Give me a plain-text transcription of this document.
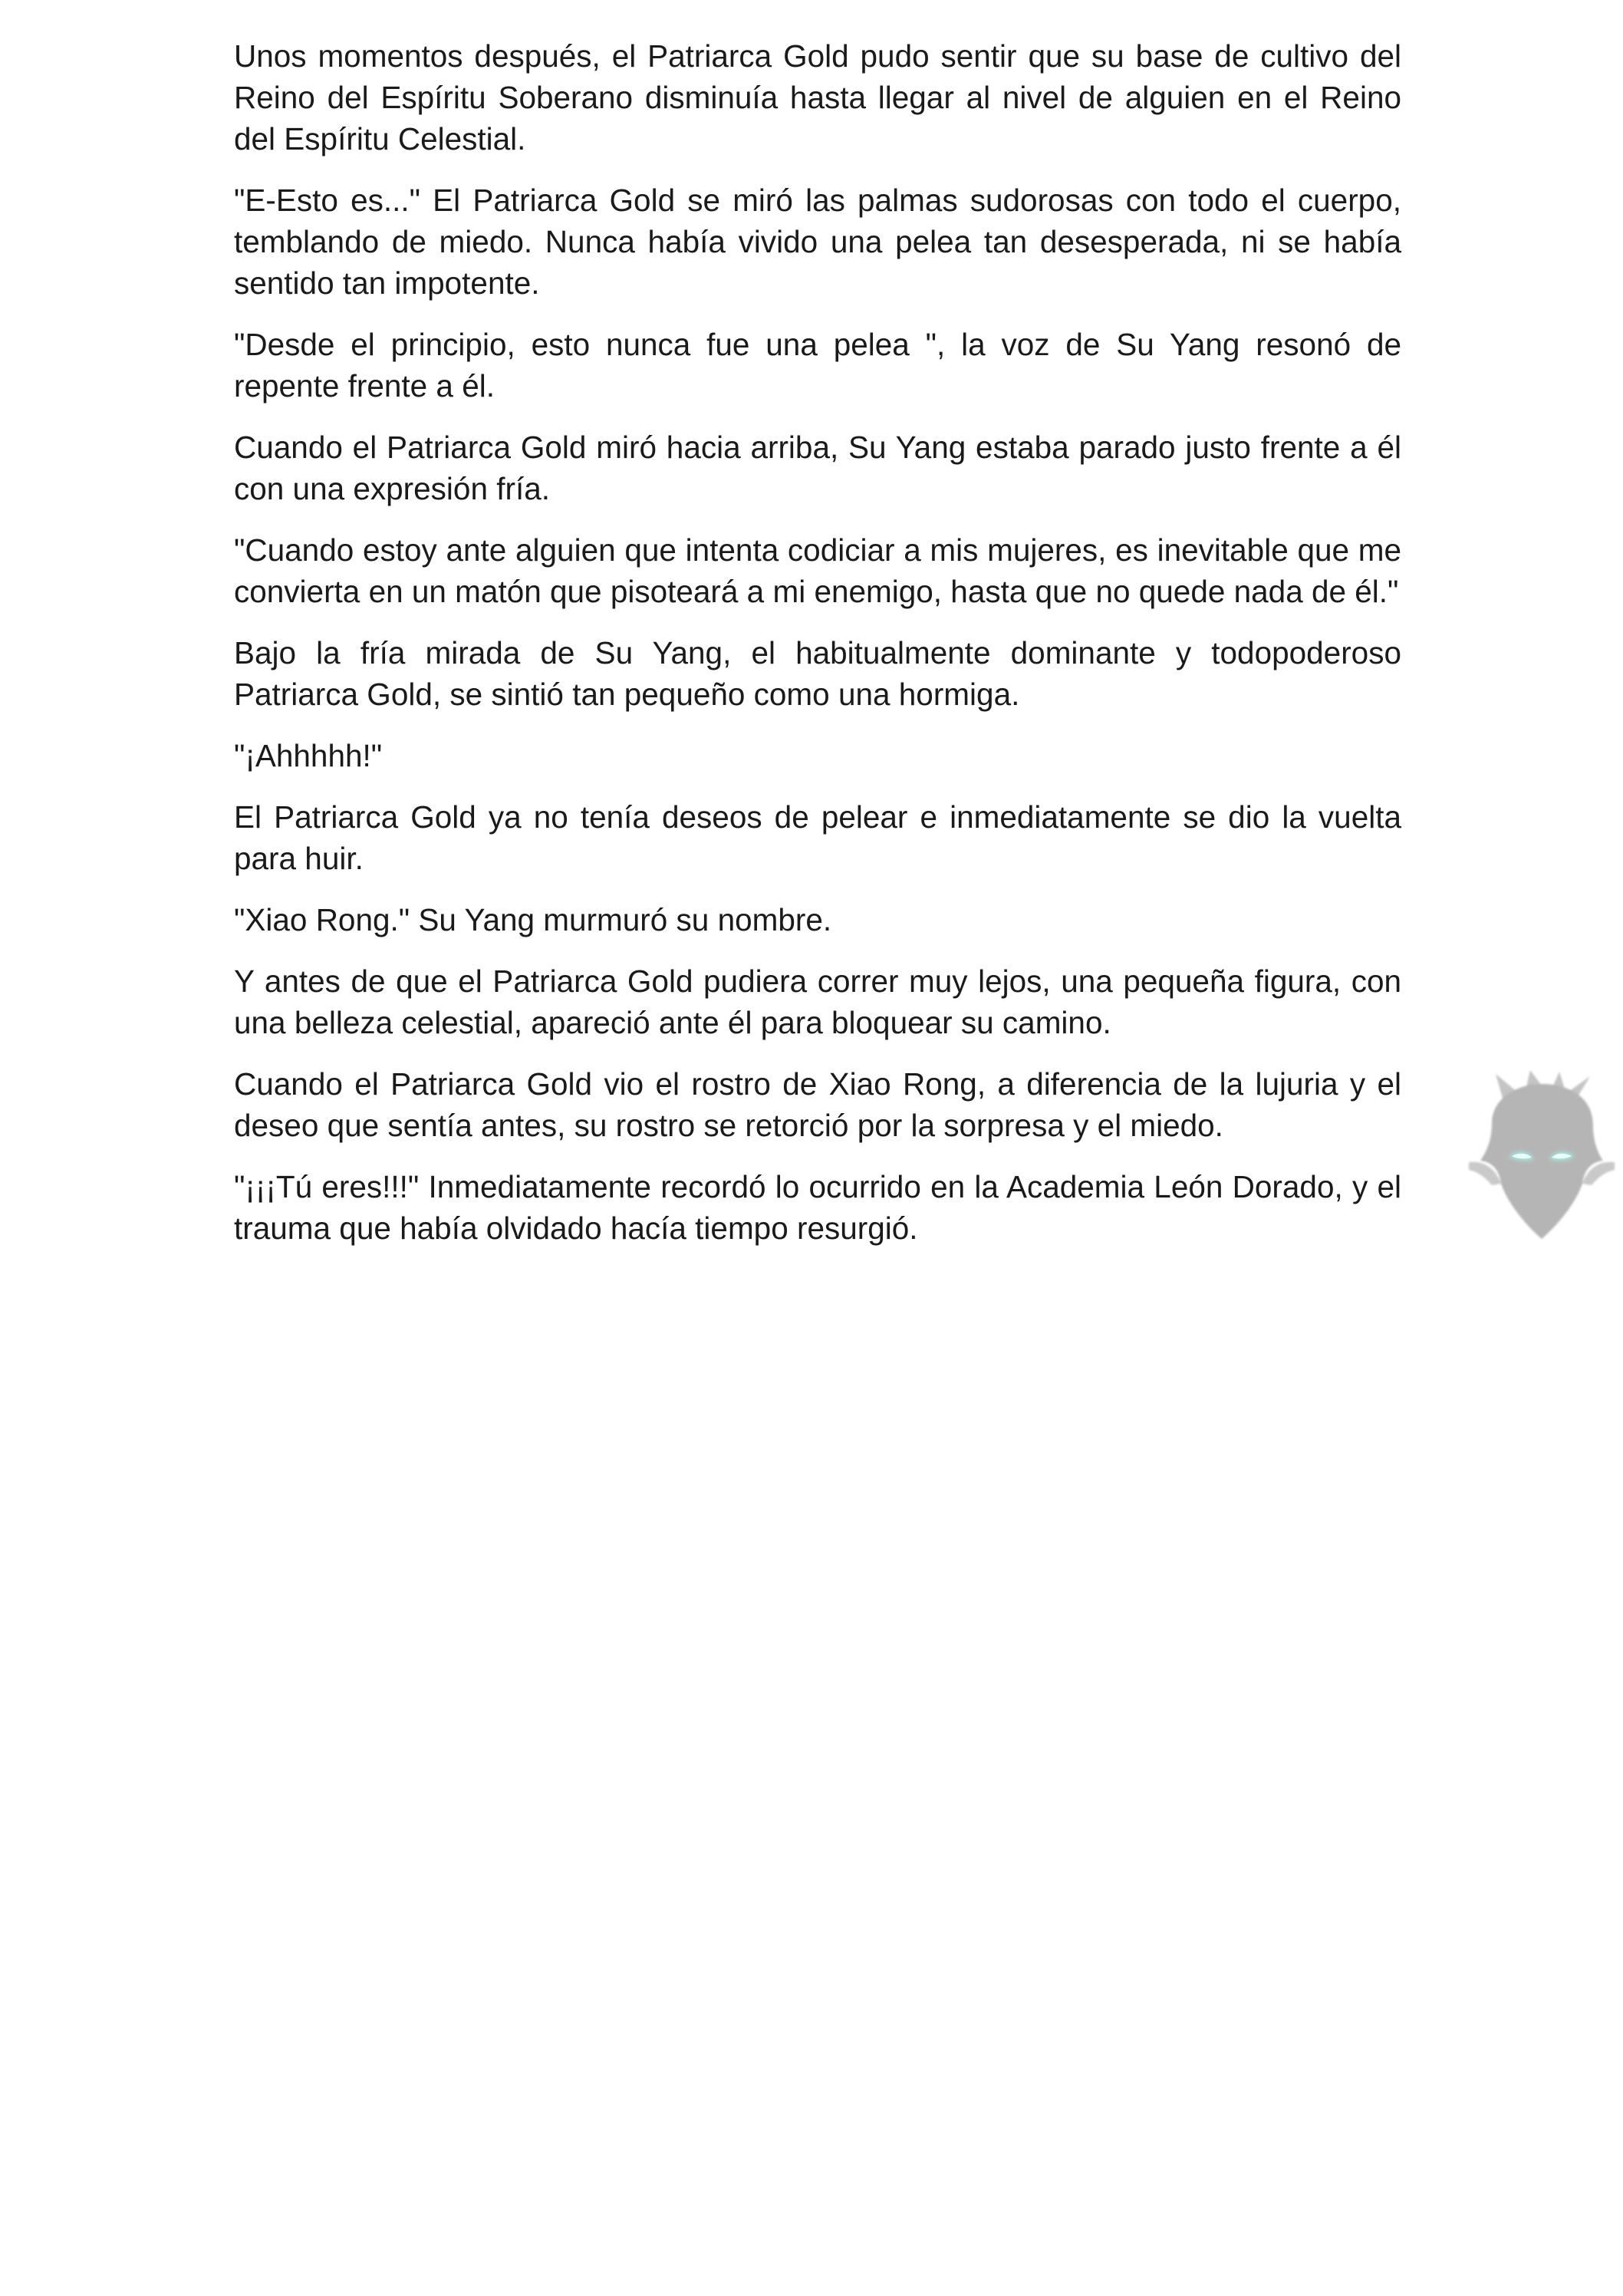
Unos momentos después, el Patriarca Gold pudo sentir que su base de cultivo del Reino del Espíritu Soberano disminuía hasta llegar al nivel de alguien en el Reino del Espíritu Celestial.

"E-Esto es..." El Patriarca Gold se miró las palmas sudorosas con todo el cuerpo, temblando de miedo. Nunca había vivido una pelea tan desesperada, ni se había sentido tan impotente.

"Desde el principio, esto nunca fue una pelea ", la voz de Su Yang resonó de repente frente a él.

Cuando el Patriarca Gold miró hacia arriba, Su Yang estaba parado justo frente a él con una expresión fría.

"Cuando estoy ante alguien que intenta codiciar a mis mujeres, es inevitable que me convierta en un matón que pisoteará a mi enemigo, hasta que no quede nada de él."

Bajo la fría mirada de Su Yang, el habitualmente dominante y todopoderoso Patriarca Gold, se sintió tan pequeño como una hormiga.

"¡Ahhhhh!"

El Patriarca Gold ya no tenía deseos de pelear e inmediatamente se dio la vuelta para huir.

"Xiao Rong." Su Yang murmuró su nombre.

Y antes de que el Patriarca Gold pudiera correr muy lejos, una pequeña figura, con una belleza celestial, apareció ante él para bloquear su camino.

Cuando el Patriarca Gold vio el rostro de Xiao Rong, a diferencia de la lujuria y el deseo que sentía antes, su rostro se retorció por la sorpresa y el miedo.

"¡¡¡Tú eres!!!" Inmediatamente recordó lo ocurrido en la Academia León Dorado, y el trauma que había olvidado hacía tiempo resurgió.
